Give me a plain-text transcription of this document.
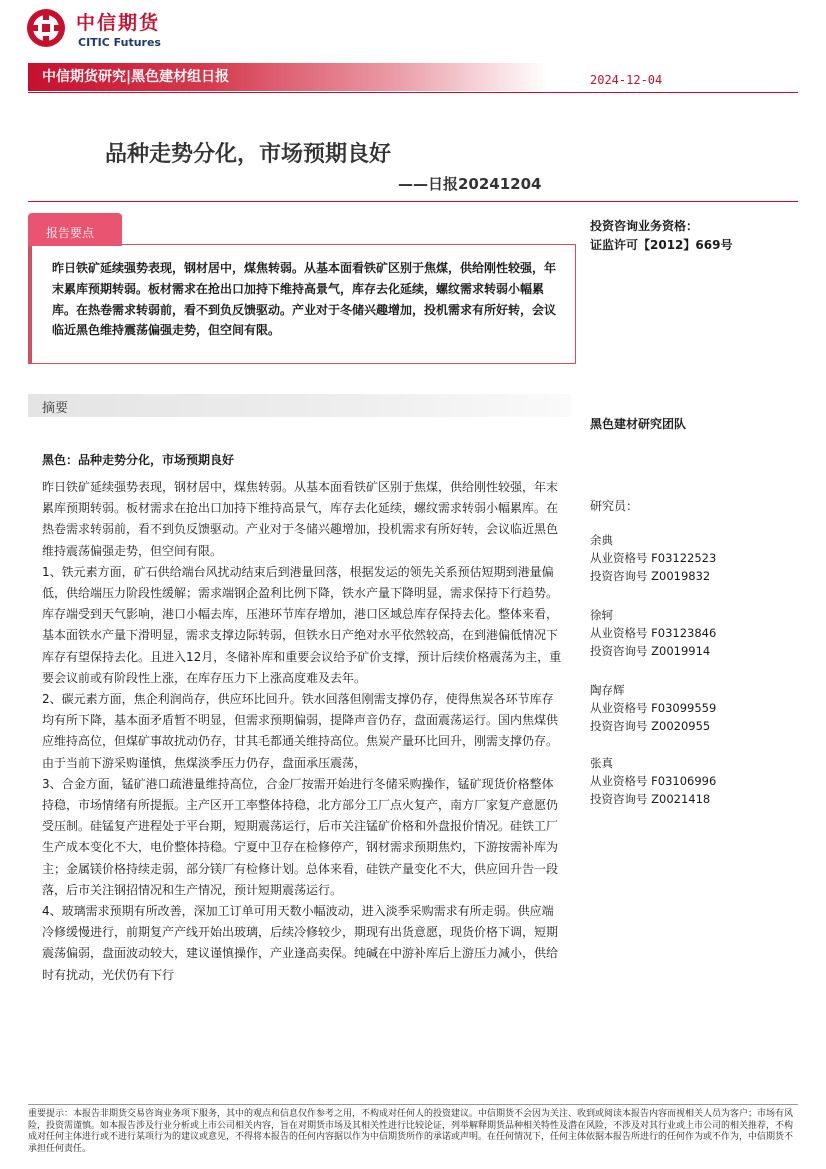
中信期货
CITIC Futures
中信期货研究|黑色建材组日报	2024-12-04
品种走势分化，市场预期良好
——日报20241204
报告要点
昨日铁矿延续强势表现，钢材居中，煤焦转弱。从基本面看铁矿区别于焦煤，供给刚性较强，年末累库预期转弱。板材需求在抢出口加持下维持高景气，库存去化延续，螺纹需求转弱小幅累库。在热卷需求转弱前，看不到负反馈驱动。产业对于冬储兴趣增加，投机需求有所好转，会议临近黑色维持震荡偏强走势，但空间有限。
投资咨询业务资格：
证监许可【2012】669号
黑色建材研究团队
研究员：
余典
从业资格号 F03122523
投资咨询号 Z0019832
徐轲
从业资格号 F03123846
投资咨询号 Z0019914
陶存辉
从业资格号 F03099559
投资咨询号 Z0020955
张真
从业资格号 F03106996
投资咨询号 Z0021418
摘要
黑色：品种走势分化，市场预期良好

昨日铁矿延续强势表现，钢材居中，煤焦转弱。从基本面看铁矿区别于焦煤，供给刚性较强，年末累库预期转弱。板材需求在抢出口加持下维持高景气，库存去化延续，螺纹需求转弱小幅累库。在热卷需求转弱前，看不到负反馈驱动。产业对于冬储兴趣增加，投机需求有所好转，会议临近黑色维持震荡偏强走势，但空间有限。

1、铁元素方面，矿石供给端台风扰动结束后到港量回落，根据发运的领先关系预估短期到港量偏低，供给端压力阶段性缓解；需求端钢企盈利比例下降，铁水产量下降明显，需求保持下行趋势。库存端受到天气影响，港口小幅去库，压港环节库存增加，港口区域总库存保持去化。整体来看，基本面铁水产量下滑明显，需求支撑边际转弱，但铁水日产绝对水平依然较高，在到港偏低情况下库存有望保持去化。且进入12月，冬储补库和重要会议给予矿价支撑，预计后续价格震荡为主，重要会议前或有阶段性上涨，在库存压力下上涨高度难及去年。

2、碳元素方面，焦企利润尚存，供应环比回升。铁水回落但刚需支撑仍存，使得焦炭各环节库存均有所下降，基本面矛盾暂不明显，但需求预期偏弱，提降声音仍存，盘面震荡运行。国内焦煤供应维持高位，但煤矿事故扰动仍存，甘其毛都通关维持高位。焦炭产量环比回升，刚需支撑仍存。由于当前下游采购谨慎，焦煤淡季压力仍存，盘面承压震荡，

3、合金方面，锰矿港口疏港量维持高位，合金厂按需开始进行冬储采购操作，锰矿现货价格整体持稳，市场情绪有所提振。主产区开工率整体持稳，北方部分工厂点火复产，南方厂家复产意愿仍受压制。硅锰复产进程处于平台期，短期震荡运行，后市关注锰矿价格和外盘报价情况。硅铁工厂生产成本变化不大，电价整体持稳。宁夏中卫存在检修停产，钢材需求预期焦灼，下游按需补库为主；金属镁价格持续走弱，部分镁厂有检修计划。总体来看，硅铁产量变化不大，供应回升告一段落，后市关注钢招情况和生产情况，预计短期震荡运行。

4、玻璃需求预期有所改善，深加工订单可用天数小幅波动，进入淡季采购需求有所走弱。供应端冷修缓慢进行，前期复产产线开始出玻璃，后续冷修较少，期现有出货意愿，现货价格下调，短期震荡偏弱，盘面波动较大，建议谨慎操作，产业逢高卖保。纯碱在中游补库后上游压力减小，供给时有扰动，光伏仍有下行

重要提示：本报告非期货交易咨询业务项下服务，其中的观点和信息仅作参考之用，不构成对任何人的投资建议。中信期货不会因为关注、收到或阅读本报告内容而视相关人员为客户；市场有风险，投资需谨慎。如本报告涉及行业分析或上市公司相关内容，旨在对期货市场及其相关性进行比较论证，列举解释期货品种相关特性及潜在风险，不涉及对其行业或上市公司的相关推荐，不构成对任何主体进行或不进行某项行为的建议或意见，不得将本报告的任何内容据以作为中信期货所作的承诺或声明。在任何情况下，任何主体依据本报告所进行的任何作为或不作为，中信期货不承担任何责任。
